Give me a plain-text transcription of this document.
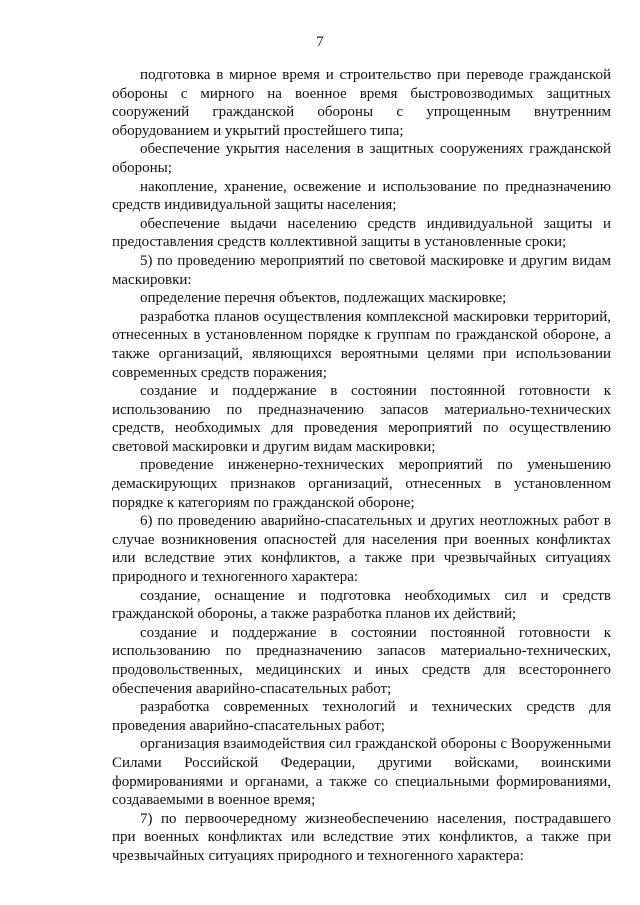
7

подготовка в мирное время и строительство при переводе гражданской обороны с мирного на военное время быстровозводимых защитных сооружений гражданской обороны с упрощенным внутренним оборудованием и укрытий простейшего типа;

обеспечение укрытия населения в защитных сооружениях гражданской обороны;

накопление, хранение, освежение и использование по предназначению средств индивидуальной защиты населения;

обеспечение выдачи населению средств индивидуальной защиты и предоставления средств коллективной защиты в установленные сроки;

5) по проведению мероприятий по световой маскировке и другим видам маскировки:

определение перечня объектов, подлежащих маскировке;

разработка планов осуществления комплексной маскировки территорий, отнесенных в установленном порядке к группам по гражданской обороне, а также организаций, являющихся вероятными целями при использовании современных средств поражения;

создание и поддержание в состоянии постоянной готовности к использованию по предназначению запасов материально-технических средств, необходимых для проведения мероприятий по осуществлению световой маскировки и другим видам маскировки;

проведение инженерно-технических мероприятий по уменьшению демаскирующих признаков организаций, отнесенных в установленном порядке к категориям по гражданской обороне;

6) по проведению аварийно-спасательных и других неотложных работ в случае возникновения опасностей для населения при военных конфликтах или вследствие этих конфликтов, а также при чрезвычайных ситуациях природного и техногенного характера:

создание, оснащение и подготовка необходимых сил и средств гражданской обороны, а также разработка планов их действий;

создание и поддержание в состоянии постоянной готовности к использованию по предназначению запасов материально-технических, продовольственных, медицинских и иных средств для всестороннего обеспечения аварийно-спасательных работ;

разработка современных технологий и технических средств для проведения аварийно-спасательных работ;

организация взаимодействия сил гражданской обороны с Вооруженными Силами Российской Федерации, другими войсками, воинскими формированиями и органами, а также со специальными формированиями, создаваемыми в военное время;

7) по первоочередному жизнеобеспечению населения, пострадавшего при военных конфликтах или вследствие этих конфликтов, а также при чрезвычайных ситуациях природного и техногенного характера:
